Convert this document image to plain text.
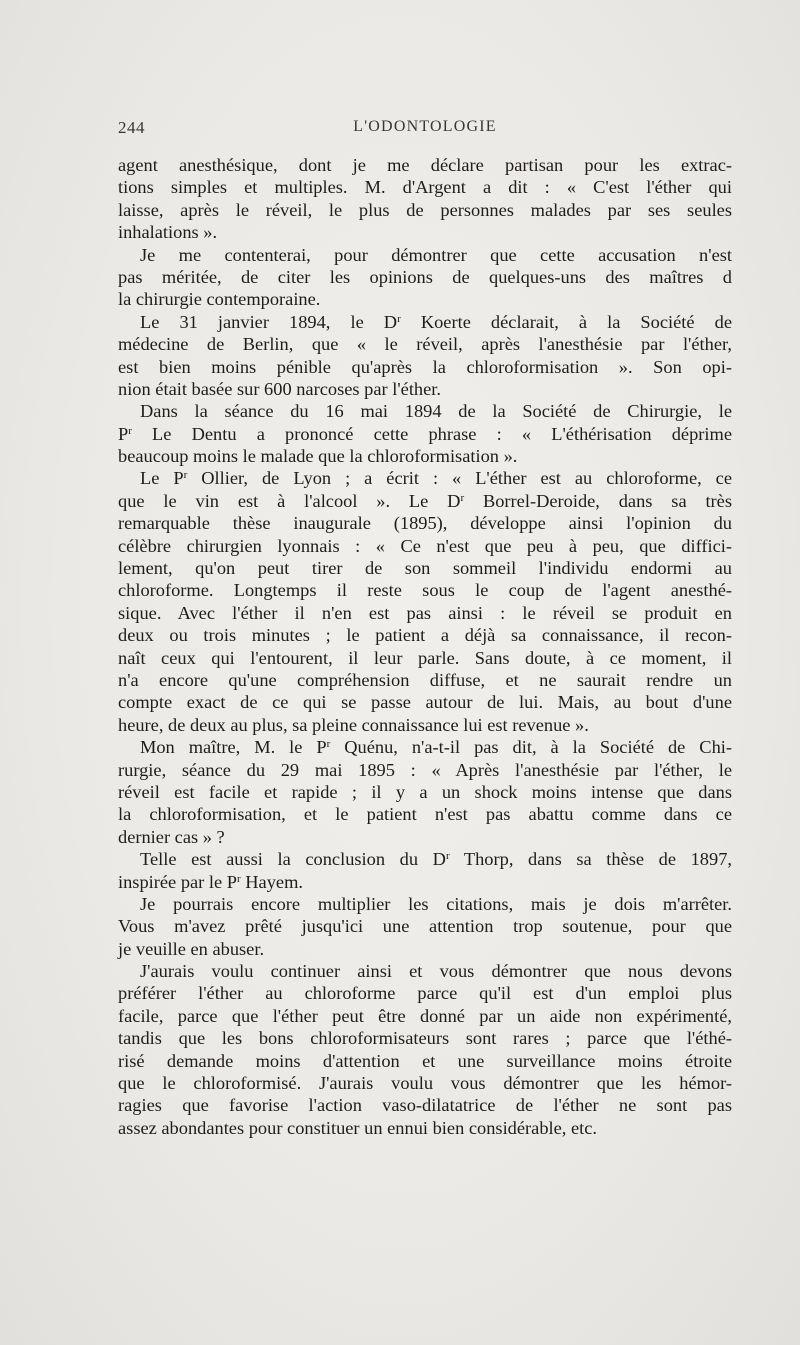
244	L'ODONTOLOGIE
agent anesthésique, dont je me déclare partisan pour les extrac-
tions simples et multiples. M. d'Argent a dit : « C'est l'éther qui
laisse, après le réveil, le plus de personnes malades par ses seules
inhalations ».
Je me contenterai, pour démontrer que cette accusation n'est
pas méritée, de citer les opinions de quelques-uns des maîtres d
la chirurgie contemporaine.
Le 31 janvier 1894, le $D^r$ Koerte déclarait, à la Société de
médecine de Berlin, que « le réveil, après l'anesthésie par l'éther,
est bien moins pénible qu'après la chloroformisation ». Son opi-
nion était basée sur 600 narcoses par l'éther.
Dans la séance du 16 mai 1894 de la Société de Chirurgie, le
$P^r$ Le Dentu a prononcé cette phrase : « L'éthérisation déprime
beaucoup moins le malade que la chloroformisation ».
Le $P^r$ Ollier, de Lyon ; a écrit : « L'éther est au chloroforme, ce
que le vin est à l'alcool ». Le $D^r$ Borrel-Deroide, dans sa très
remarquable thèse inaugurale (1895), développe ainsi l'opinion du
célèbre chirurgien lyonnais : « Ce n'est que peu à peu, que diffici-
lement, qu'on peut tirer de son sommeil l'individu endormi au
chloroforme. Longtemps il reste sous le coup de l'agent anesthé-
sique. Avec l'éther il n'en est pas ainsi : le réveil se produit en
deux ou trois minutes ; le patient a déjà sa connaissance, il recon-
naît ceux qui l'entourent, il leur parle. Sans doute, à ce moment, il
n'a encore qu'une compréhension diffuse, et ne saurait rendre un
compte exact de ce qui se passe autour de lui. Mais, au bout d'une
heure, de deux au plus, sa pleine connaissance lui est revenue ».
Mon maître, M. le $P^r$ Quénu, n'a-t-il pas dit, à la Société de Chi-
rurgie, séance du 29 mai 1895 : « Après l'anesthésie par l'éther, le
réveil est facile et rapide ; il y a un shock moins intense que dans
la chloroformisation, et le patient n'est pas abattu comme dans ce
dernier cas » ?
Telle est aussi la conclusion du $D^r$ Thorp, dans sa thèse de 1897,
inspirée par le $P^r$ Hayem.
Je pourrais encore multiplier les citations, mais je dois m'arrêter.
Vous m'avez prêté jusqu'ici une attention trop soutenue, pour que
je veuille en abuser.
J'aurais voulu continuer ainsi et vous démontrer que nous devons
préférer l'éther au chloroforme parce qu'il est d'un emploi plus
facile, parce que l'éther peut être donné par un aide non expérimenté,
tandis que les bons chloroformisateurs sont rares ; parce que l'éthé-
risé demande moins d'attention et une surveillance moins étroite
que le chloroformisé. J'aurais voulu vous démontrer que les hémor-
ragies que favorise l'action vaso-dilatatrice de l'éther ne sont pas
assez abondantes pour constituer un ennui bien considérable, etc.
